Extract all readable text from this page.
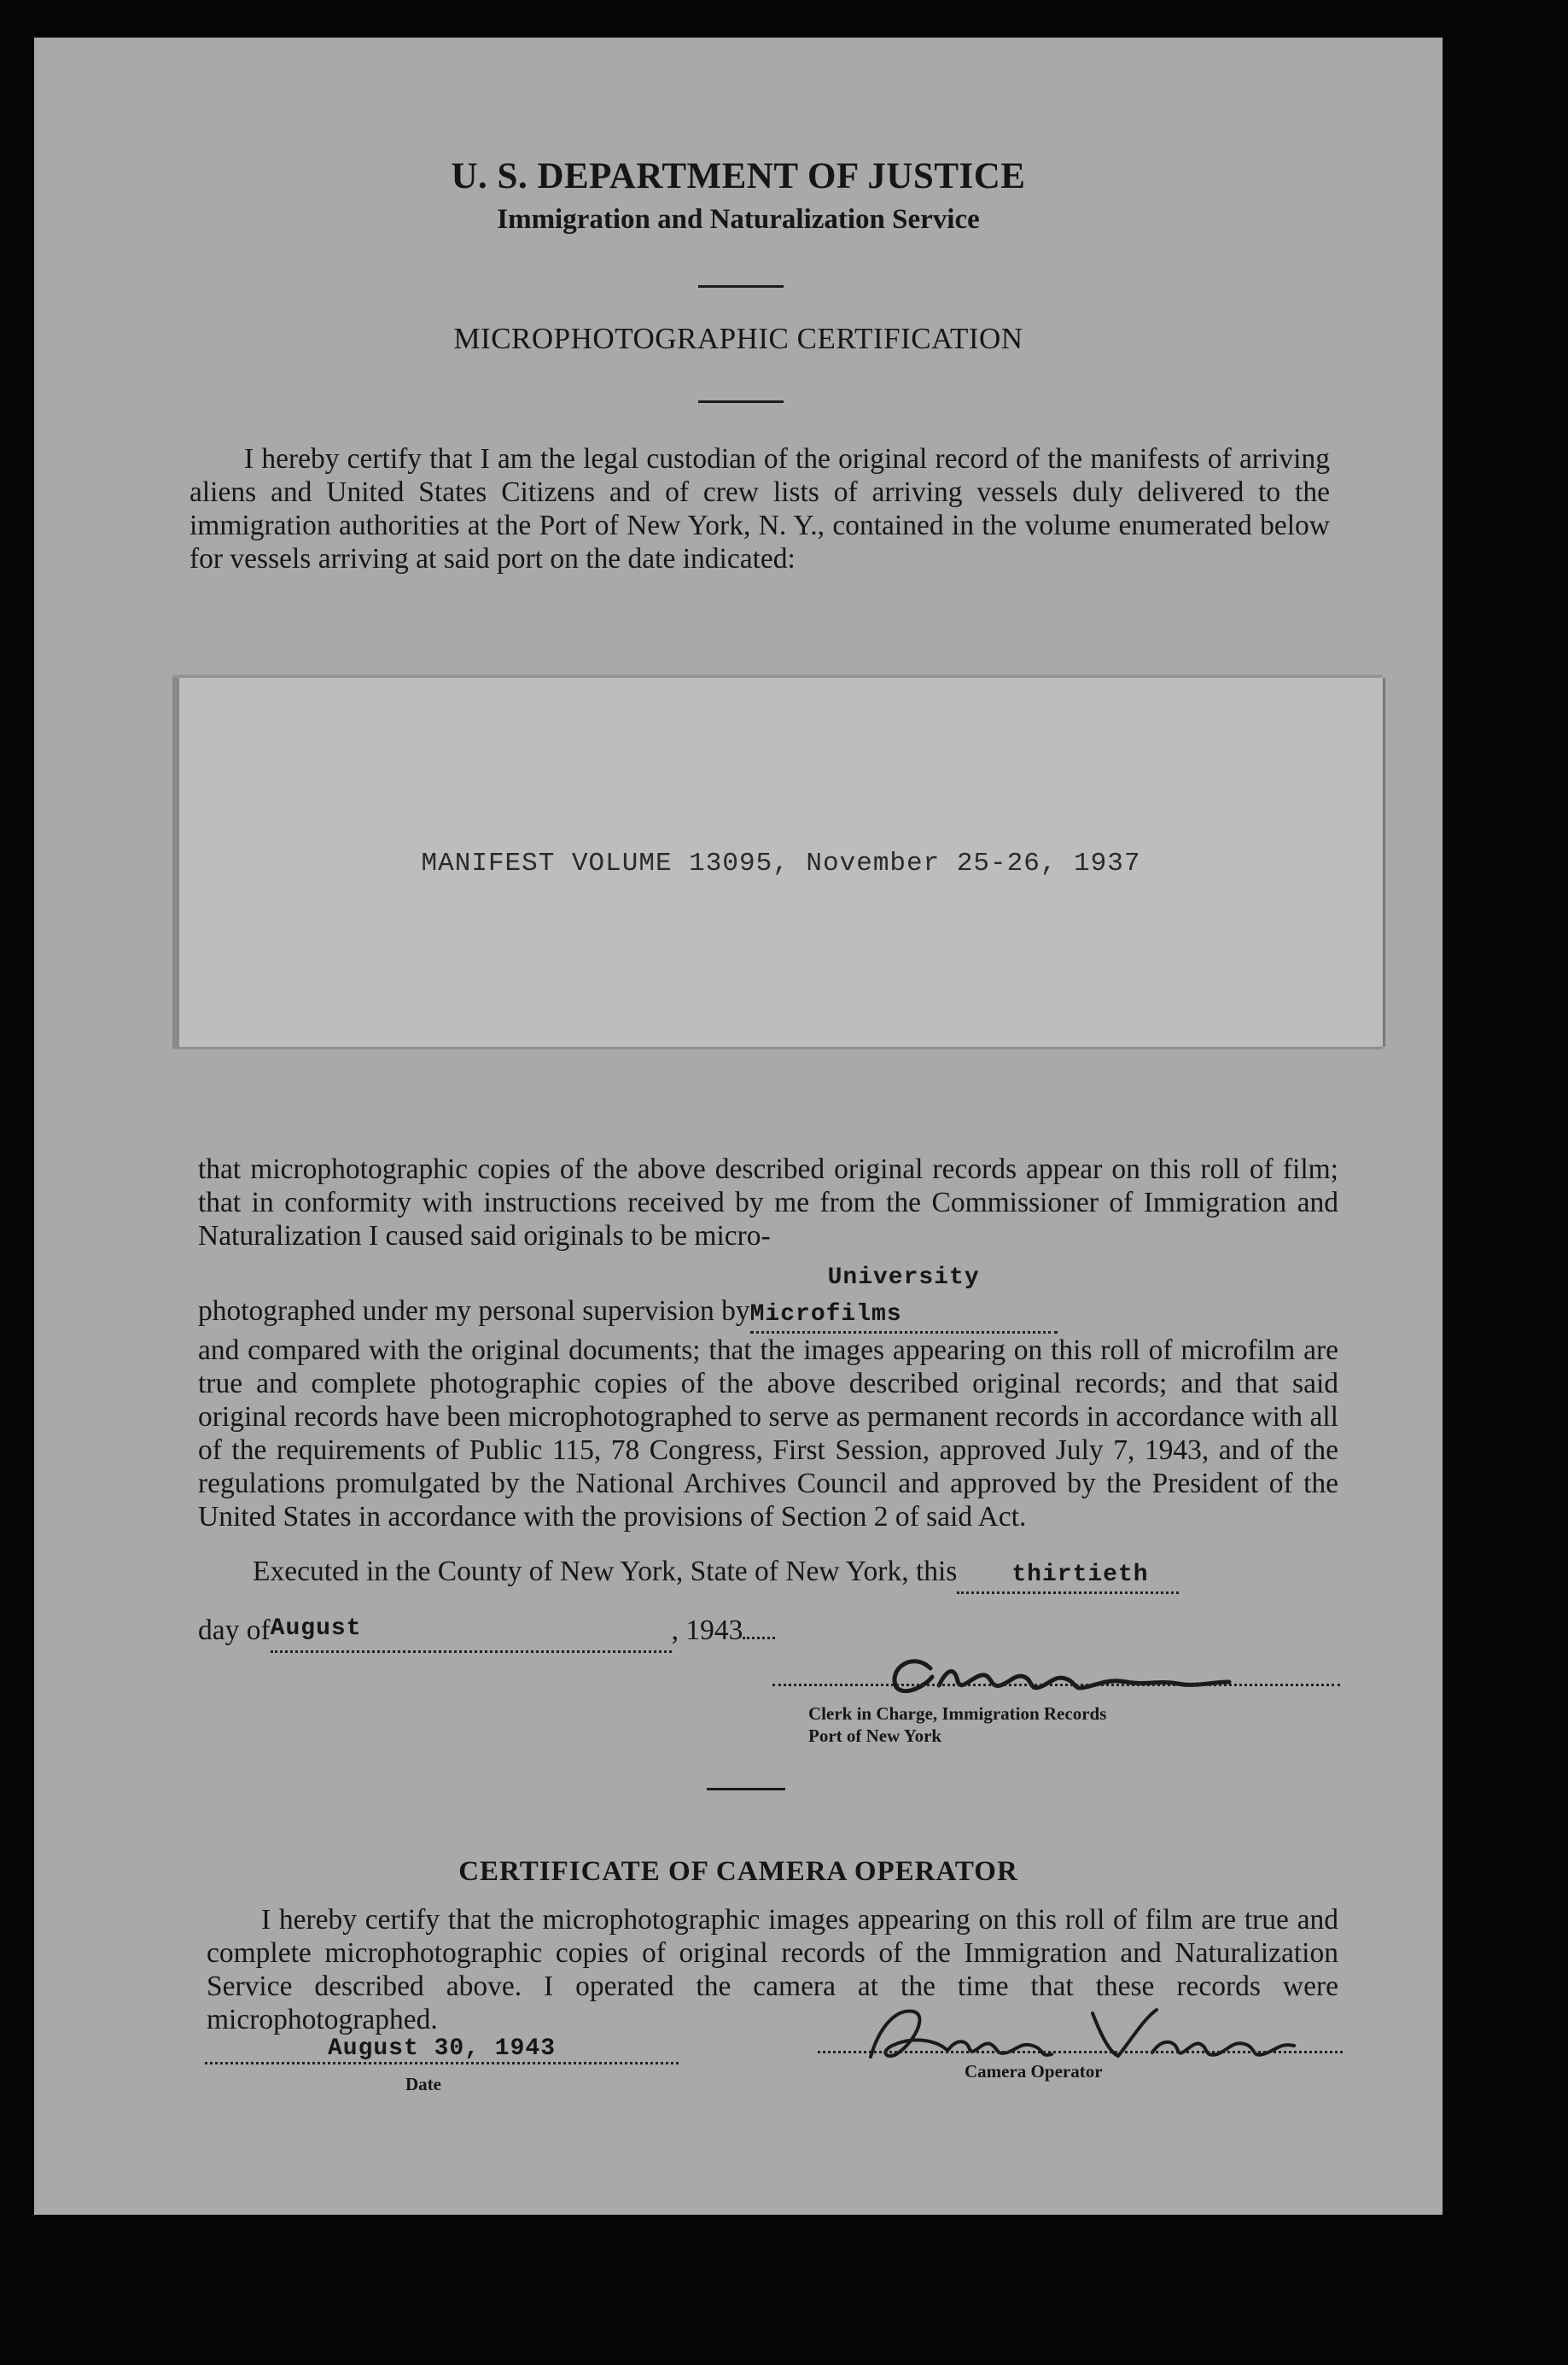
U. S. DEPARTMENT OF JUSTICE
Immigration and Naturalization Service
MICROPHOTOGRAPHIC CERTIFICATION

I hereby certify that I am the legal custodian of the original record of the manifests of arriving aliens and United States Citizens and of crew lists of arriving vessels duly delivered to the immigration authorities at the Port of New York, N. Y., contained in the volume enumerated below for vessels arriving at said port on the date indicated:

MANIFEST VOLUME 13095, November 25-26, 1937

that microphotographic copies of the above described original records appear on this roll of film; that in conformity with instructions received by me from the Commissioner of Immigration and Naturalization I caused said originals to be micro-

photographed under my personal supervision byUniversity Microfilms

and compared with the original documents; that the images appearing on this roll of microfilm are true and complete photographic copies of the above described original records; and that said original records have been microphotographed to serve as permanent records in accordance with all of the requirements of Public 115, 78 Congress, First Session, approved July 7, 1943, and of the regulations promulgated by the National Archives Council and approved by the President of the United States in accordance with the provisions of Section 2 of said Act.

Executed in the County of New York, State of New York, this thirtieth

day ofAugust	, 1943

Clerk in Charge, Immigration Records
Port of New York
CERTIFICATE OF CAMERA OPERATOR

I hereby certify that the microphotographic images appearing on this roll of film are true and complete microphotographic copies of original records of the Immigration and Naturalization Service described above. I operated the camera at the time that these records were microphotographed.

August 30, 1943
Date
Camera Operator
